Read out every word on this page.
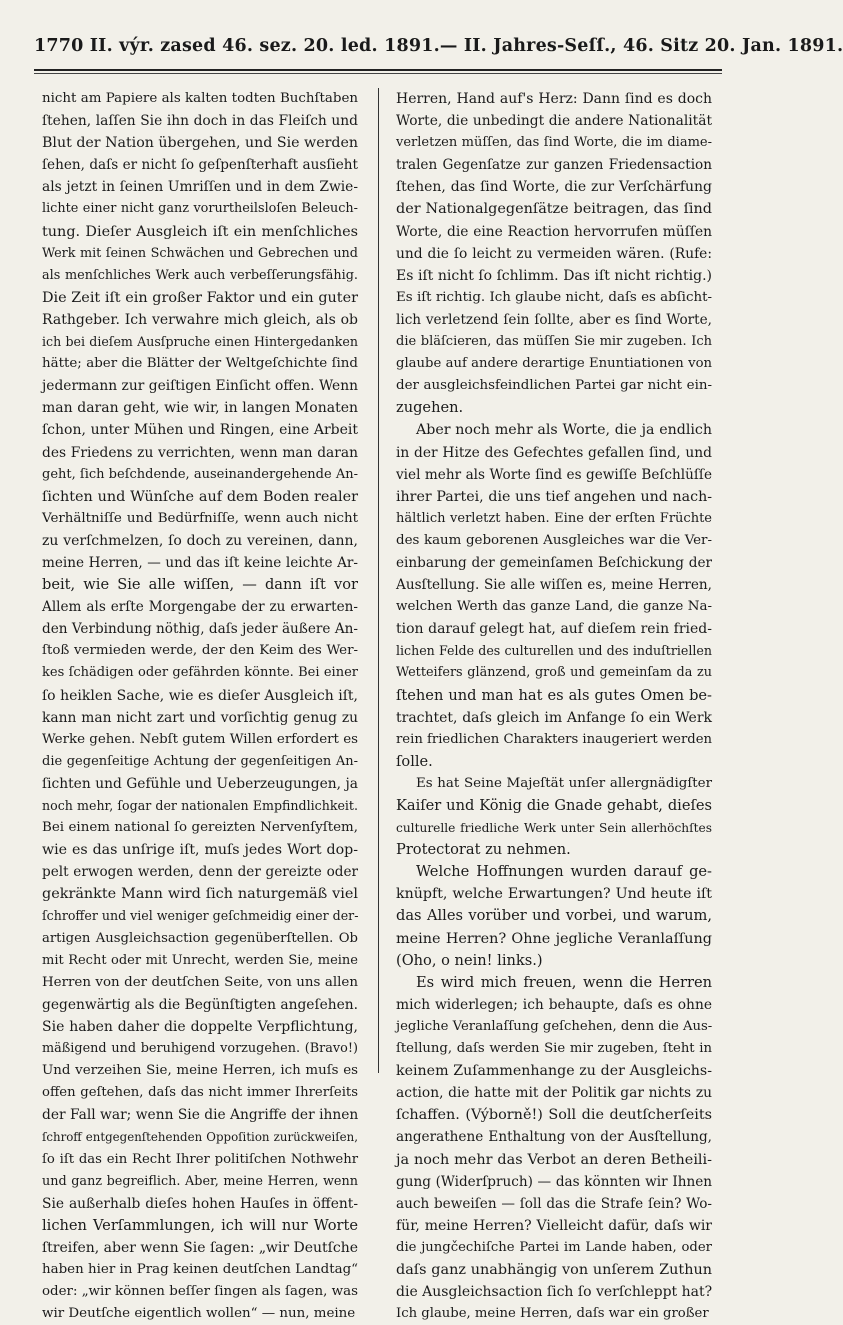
1770 II. výr. zased 46. sez. 20. led. 1891. — II. Jahres-Seſſ., 46. Sitz 20. Jan. 1891.
nicht am Papiere als kalten todten Buchſtaben
ſtehen, laſſen Sie ihn doch in das Fleiſch und
Blut der Nation übergehen, und Sie werden
ſehen, daſs er nicht ſo geſpenſterhaft ausſieht
als jetzt in ſeinen Umriſſen und in dem Zwie-
lichte einer nicht ganz vorurtheilsloſen Beleuch-
tung. Dieſer Ausgleich iſt ein menſchliches
Werk mit ſeinen Schwächen und Gebrechen und
als menſchliches Werk auch verbeſſerungsfähig.
Die Zeit iſt ein großer Faktor und ein guter
Rathgeber. Ich verwahre mich gleich, als ob
ich bei dieſem Ausſpruche einen Hintergedanken
hätte; aber die Blätter der Weltgeſchichte ſind
jedermann zur geiſtigen Einſicht offen. Wenn
man daran geht, wie wir, in langen Monaten
ſchon, unter Mühen und Ringen, eine Arbeit
des Friedens zu verrichten, wenn man daran
geht, ſich beſchdende, auseinandergehende An-
ſichten und Wünſche auf dem Boden realer
Verhältniſſe und Bedürfniſſe, wenn auch nicht
zu verſchmelzen, ſo doch zu vereinen, dann,
meine Herren, — und das iſt keine leichte Ar-
beit, wie Sie alle wiſſen, — dann iſt vor
Allem als erſte Morgengabe der zu erwarten-
den Verbindung nöthig, daſs jeder äußere An-
ſtoß vermieden werde, der den Keim des Wer-
kes ſchädigen oder gefährden könnte. Bei einer
ſo heiklen Sache, wie es dieſer Ausgleich iſt,
kann man nicht zart und vorſichtig genug zu
Werke gehen. Nebſt gutem Willen erfordert es
die gegenſeitige Achtung der gegenſeitigen An-
ſichten und Gefühle und Ueberzeugungen, ja
noch mehr, ſogar der nationalen Empfindlichkeit.
Bei einem national ſo gereizten Nervenſyſtem,
wie es das unſrige iſt, muſs jedes Wort dop-
pelt erwogen werden, denn der gereizte oder
gekränkte Mann wird ſich naturgemäß viel
ſchroffer und viel weniger geſchmeidig einer der-
artigen Ausgleichsaction gegenüberſtellen. Ob
mit Recht oder mit Unrecht, werden Sie, meine
Herren von der deutſchen Seite, von uns allen
gegenwärtig als die Begünſtigten angeſehen.
Sie haben daher die doppelte Verpflichtung,
mäßigend und beruhigend vorzugehen. (Bravo!)
Und verzeihen Sie, meine Herren, ich muſs es
offen geſtehen, daſs das nicht immer Ihrerſeits
der Fall war; wenn Sie die Angriffe der ihnen
ſchroff entgegenſtehenden Oppoſition zurückweiſen,
ſo iſt das ein Recht Ihrer politiſchen Nothwehr
und ganz begreiflich. Aber, meine Herren, wenn
Sie außerhalb dieſes hohen Hauſes in öffent-
lichen Verſammlungen, ich will nur Worte
ſtreifen, aber wenn Sie ſagen: „wir Deutſche
haben hier in Prag keinen deutſchen Landtag“
oder: „wir können beſſer ſingen als ſagen, was
wir Deutſche eigentlich wollen“ — nun, meine
Herren, Hand auf's Herz: Dann ſind es doch
Worte, die unbedingt die andere Nationalität
verletzen müſſen, das ſind Worte, die im diame-
tralen Gegenſatze zur ganzen Friedensaction
ſtehen, das ſind Worte, die zur Verſchärfung
der Nationalgegenſätze beitragen, das ſind
Worte, die eine Reaction hervorrufen müſſen
und die ſo leicht zu vermeiden wären. (Rufe:
Es iſt nicht ſo ſchlimm. Das iſt nicht richtig.)
Es iſt richtig. Ich glaube nicht, daſs es abſicht-
lich verletzend ſein ſollte, aber es ſind Worte,
die bläſcieren, das müſſen Sie mir zugeben. Ich
glaube auf andere derartige Enuntiationen von
der ausgleichsfeindlichen Partei gar nicht ein-
zugehen.
Aber noch mehr als Worte, die ja endlich
in der Hitze des Gefechtes gefallen ſind, und
viel mehr als Worte ſind es gewiſſe Beſchlüſſe
ihrer Partei, die uns tief angehen und nach-
hältlich verletzt haben. Eine der erſten Früchte
des kaum geborenen Ausgleiches war die Ver-
einbarung der gemeinſamen Beſchickung der
Ausſtellung. Sie alle wiſſen es, meine Herren,
welchen Werth das ganze Land, die ganze Na-
tion darauf gelegt hat, auf dieſem rein fried-
lichen Felde des culturellen und des induſtriellen
Wetteifers glänzend, groß und gemeinſam da zu
ſtehen und man hat es als gutes Omen be-
trachtet, daſs gleich im Anfange ſo ein Werk
rein friedlichen Charakters inaugeriert werden
ſolle.
Es hat Seine Majeſtät unſer allergnädigſter
Kaiſer und König die Gnade gehabt, dieſes
culturelle friedliche Werk unter Sein allerhöchſtes
Protectorat zu nehmen.
Welche Hoffnungen wurden darauf ge-
knüpft, welche Erwartungen? Und heute iſt
das Alles vorüber und vorbei, und warum,
meine Herren? Ohne jegliche Veranlaſſung
(Oho, o nein! links.)
Es wird mich freuen, wenn die Herren
mich widerlegen; ich behaupte, daſs es ohne
jegliche Veranlaſſung geſchehen, denn die Aus-
ſtellung, daſs werden Sie mir zugeben, ſteht in
keinem Zuſammenhange zu der Ausgleichs-
action, die hatte mit der Politik gar nichts zu
ſchaffen. (Výborně!) Soll die deutſcherſeits
angerathene Enthaltung von der Ausſtellung,
ja noch mehr das Verbot an deren Betheili-
gung (Widerſpruch) — das könnten wir Ihnen
auch beweiſen — ſoll das die Strafe ſein? Wo-
für, meine Herren? Vielleicht dafür, daſs wir
die jungčechiſche Partei im Lande haben, oder
daſs ganz unabhängig von unſerem Zuthun
die Ausgleichsaction ſich ſo verſchleppt hat?
Ich glaube, meine Herren, daſs war ein großer
